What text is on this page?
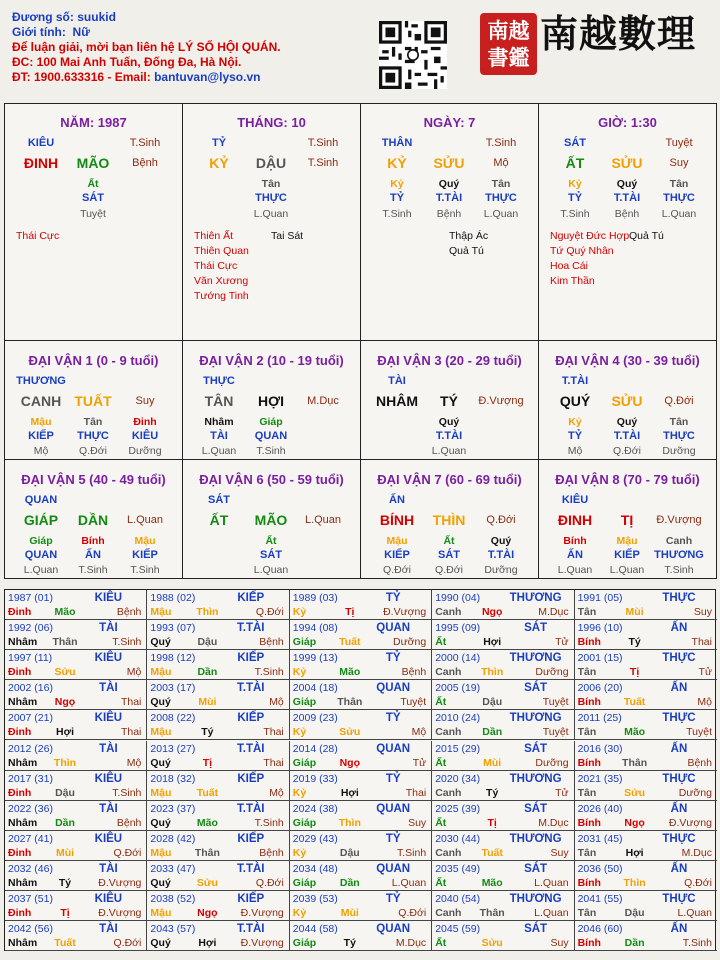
Đương số: suukid
Giới tính: Nữ
Để luận giải, mời bạn liên hệ LÝ SỐ HỘI QUÁN.
ĐC: 100 Mai Anh Tuấn, Đống Đa, Hà Nội.
ĐT: 1900.633316 - Email: bantuvan@lyso.vn
南越
書鑑
南越數理
NĂM: 1987
KIÊU	T.Sinh
ĐINH MÃO Bệnh
Ất
SÁT
Tuyệt
Thái Cực
THÁNG: 10
TỶ	T.Sinh
KỶ DẬU T.Sinh
Tân
THỰC
L.Quan
Thiên Ất	Tai Sát
Thiên Quan
Thái Cực
Văn Xương
Tướng Tinh
NGÀY: 7
THÂN	T.Sinh
KỶ SỬU	Mộ
Kỷ
TỶ
T.Sinh
Quý
T.TÀI
Bệnh
Tân
THỰC
L.Quan
Thập Ác
Quả Tú
GIỜ: 1:30
SÁT	Tuyệt
ẤT SỬU Suy
Kỷ
TỶ
T.Sinh
Quý
T.TÀI
Bệnh
Tân
THỰC
L.Quan
Nguyệt Đức Hợp Quả Tú
Tứ Quý Nhân
Hoa Cái
Kim Thần
ĐẠI VẬN 1 (0 - 9 tuổi)
THƯƠNG
CANH TUẤT Suy
Mậu
KIẾP
Mộ
Tân
THỰC
Q.Đới
Đinh
KIÊU
Dưỡng
ĐẠI VẬN 2 (10 - 19 tuổi)
THỰC
TÂN HỢI M.Dục
Nhâm
TÀI
L.Quan
Giáp
QUAN
T.Sinh
ĐẠI VẬN 3 (20 - 29 tuổi)
TÀI
NHÂM TÝ Đ.Vượng
Quý
T.TÀI
L.Quan
ĐẠI VẬN 4 (30 - 39 tuổi)
T.TÀI
QUÝ SỬU Q.Đới
Kỷ
TỶ
Mộ
Quý
T.TÀI
Q.Đới
Tân
THỰC
Dưỡng
ĐẠI VẬN 5 (40 - 49 tuổi)
QUAN
GIÁP DẦN L.Quan
Giáp
QUAN
L.Quan
Bính
ẤN
T.Sinh
Mậu
KIẾP
T.Sinh
ĐẠI VẬN 6 (50 - 59 tuổi)
SÁT
ẤT MÃO L.Quan
Ất
SÁT
L.Quan
ĐẠI VẬN 7 (60 - 69 tuổi)
ẤN
BÍNH THÌN Q.Đới
Mậu
KIẾP
Q.Đới
Ất
SÁT
Q.Đới
Quý
T.TÀI
Dưỡng
ĐẠI VẬN 8 (70 - 79 tuổi)
KIÊU
ĐINH TỊ Đ.Vượng
Bính
ẤN
L.Quan
Mậu
KIẾP
L.Quan
Canh
THƯƠNG
T.Sinh
1987 (01)	KIÊU
Đinh Mão	Bệnh
1988 (02)	KIẾP
Mậu Thìn	Q.Đới
1989 (03)	TỶ
Kỷ	Tị	Đ.Vượng
1990 (04)	THƯƠNG
Canh Ngọ	M.Dục
1991 (05)	THỰC
Tân	Mùi	Suy
1992 (06)	TÀI
Nhâm Thân	T.Sinh
1993 (07)	T.TÀI
Quý	Dậu	Bệnh
1994 (08)	QUAN
Giáp Tuất	Dưỡng
1995 (09)	SÁT
Ất	Hợi	Tử
1996 (10)	ẤN
Bính	Tý	Thai
1997 (11)	KIÊU
Đinh Sửu	Mộ
1998 (12)	KIẾP
Mậu Dần	T.Sinh
1999 (13)	TỶ
Kỷ	Mão	Bệnh
2000 (14)	THƯƠNG
Canh Thìn	Dưỡng
2001 (15)	THỰC
Tân	Tị	Tử
2002 (16)	TÀI
Nhâm Ngọ	Thai
2003 (17)	T.TÀI
Quý	Mùi	Mộ
2004 (18)	QUAN
Giáp Thân	Tuyệt
2005 (19)	SÁT
Ất	Dậu	Tuyệt
2006 (20)	ẤN
Bính Tuất	Mộ
2007 (21)	KIÊU
Đinh Hợi	Thai
2008 (22)	KIẾP
Mậu	Tý	Thai
2009 (23)	TỶ
Kỷ	Sửu	Mộ
2010 (24)	THƯƠNG
Canh Dần	Tuyệt
2011 (25)	THỰC
Tân	Mão	Tuyệt
2012 (26)	TÀI
Nhâm Thìn	Mộ
2013 (27)	T.TÀI
Quý	Tị	Thai
2014 (28)	QUAN
Giáp Ngọ	Tử
2015 (29)	SÁT
Ất	Mùi	Dưỡng
2016 (30)	ẤN
Bính Thân	Bệnh
2017 (31)	KIÊU
Đinh Dậu	T.Sinh
2018 (32)	KIẾP
Mậu Tuất	Mộ
2019 (33)	TỶ
Kỷ	Hợi	Thai
2020 (34)	THƯƠNG
Canh Tý	Tử
2021 (35)	THỰC
Tân	Sửu	Dưỡng
2022 (36)	TÀI
Nhâm Dần	Bệnh
2023 (37)	T.TÀI
Quý Mão	T.Sinh
2024 (38)	QUAN
Giáp Thìn	Suy
2025 (39)	SÁT
Ất	Tị	M.Dục
2026 (40)	ẤN
Bính Ngọ Đ.Vượng
2027 (41)	KIÊU
Đinh Mùi	Q.Đới
2028 (42)	KIẾP
Mậu Thân	Bệnh
2029 (43)	TỶ
Kỷ	Dậu	T.Sinh
2030 (44)	THƯƠNG
Canh Tuất	Suy
2031 (45)	THỰC
Tân	Hợi	M.Dục
2032 (46)	TÀI
Nhâm Tý	Đ.Vượng
2033 (47)	T.TÀI
Quý Sửu	Q.Đới
2034 (48)	QUAN
Giáp Dần	L.Quan
2035 (49)	SÁT
Ất	Mão	L.Quan
2036 (50)	ẤN
Bính Thìn	Q.Đới
2037 (51)	KIÊU
Đinh	Tị	Đ.Vượng
2038 (52)	KIẾP
Mậu Ngọ Đ.Vượng
2039 (53)	TỶ
Kỷ	Mùi	Q.Đới
2040 (54)	THƯƠNG
Canh Thân	L.Quan
2041 (55)	THỰC
Tân	Dậu	L.Quan
2042 (56)	TÀI
Nhâm Tuất	Q.Đới
2043 (57)	T.TÀI
Quý	Hợi Đ.Vượng
2044 (58)	QUAN
Giáp	Tý	M.Dục
2045 (59)	SÁT
Ất	Sửu	Suy
2046 (60)	ẤN
Bính Dần	T.Sinh
